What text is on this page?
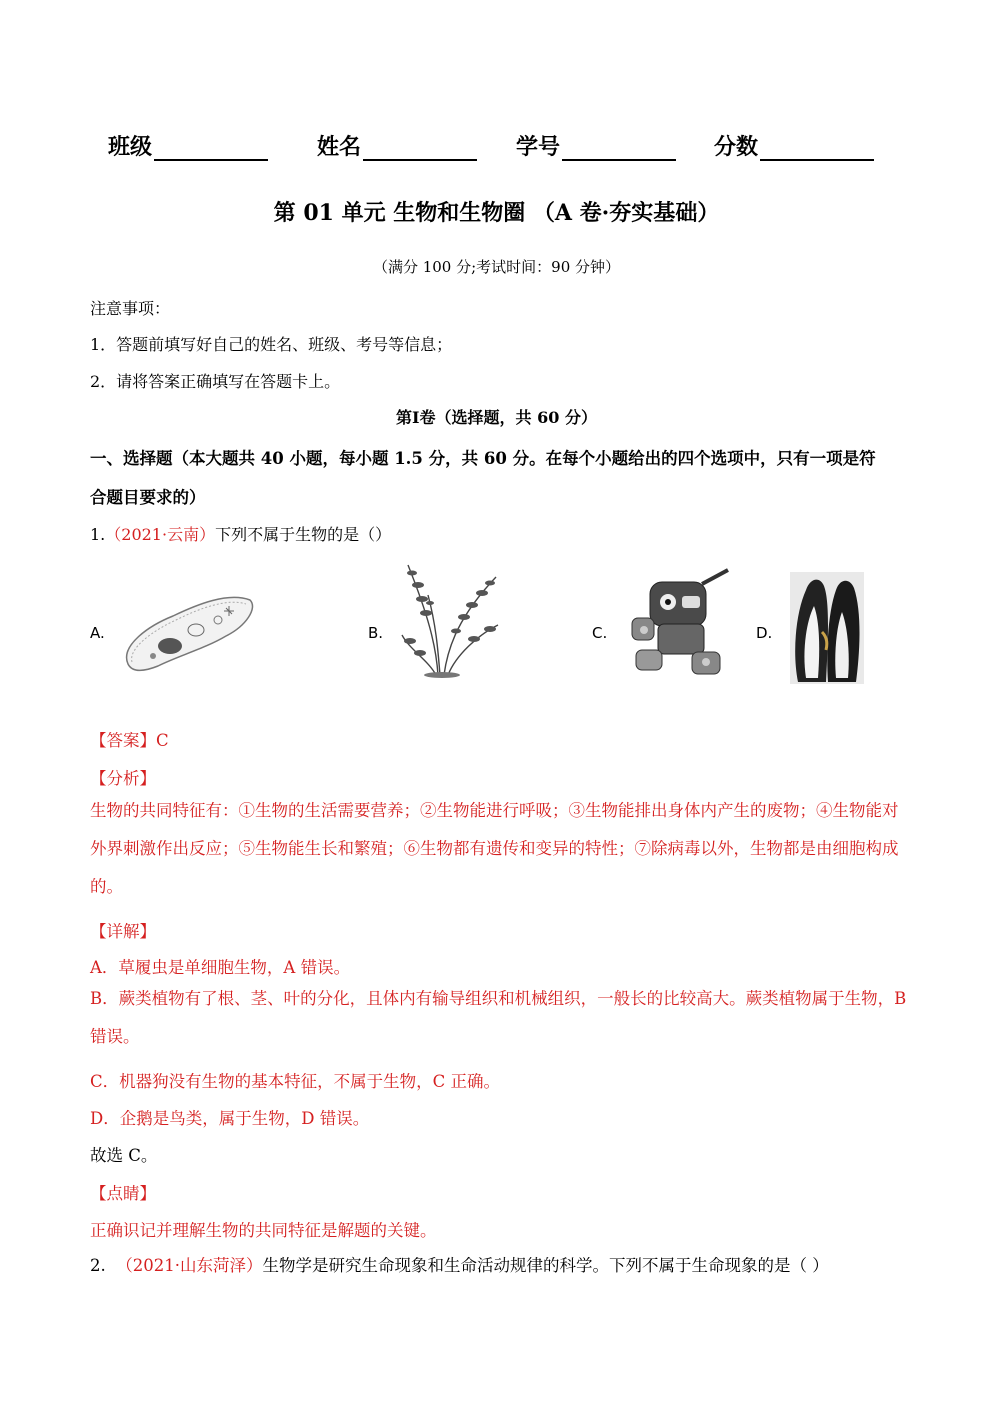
班级	姓名	学号	分数
第 01 单元 生物和生物圈 （A 卷·夯实基础）
（满分 100 分;考试时间：90 分钟）
注意事项：
1．答题前填写好自己的姓名、班级、考号等信息；
2．请将答案正确填写在答题卡上。
第Ⅰ卷（选择题，共 60 分）
一、选择题（本大题共 40 小题，每小题 1.5 分，共 60 分。在每个小题给出的四个选项中，只有一项是符
合题目要求的）
1.（2021·云南）下列不属于生物的是（）
A.	B.	C.	D.
【答案】C
【分析】
生物的共同特征有：①生物的生活需要营养；②生物能进行呼吸；③生物能排出身体内产生的废物；④生物能对外界刺激作出反应；⑤生物能生长和繁殖；⑥生物都有遗传和变异的特性；⑦除病毒以外，生物都是由细胞构成的。
【详解】
A．草履虫是单细胞生物，A 错误。
B．蕨类植物有了根、茎、叶的分化，且体内有输导组织和机械组织，一般长的比较高大。蕨类植物属于生物，B 错误。
C．机器狗没有生物的基本特征，不属于生物，C 正确。
D．企鹅是鸟类，属于生物，D 错误。
故选 C。
【点睛】
正确识记并理解生物的共同特征是解题的关键。
2. （2021·山东菏泽）生物学是研究生命现象和生命活动规律的科学。下列不属于生命现象的是（ ）
